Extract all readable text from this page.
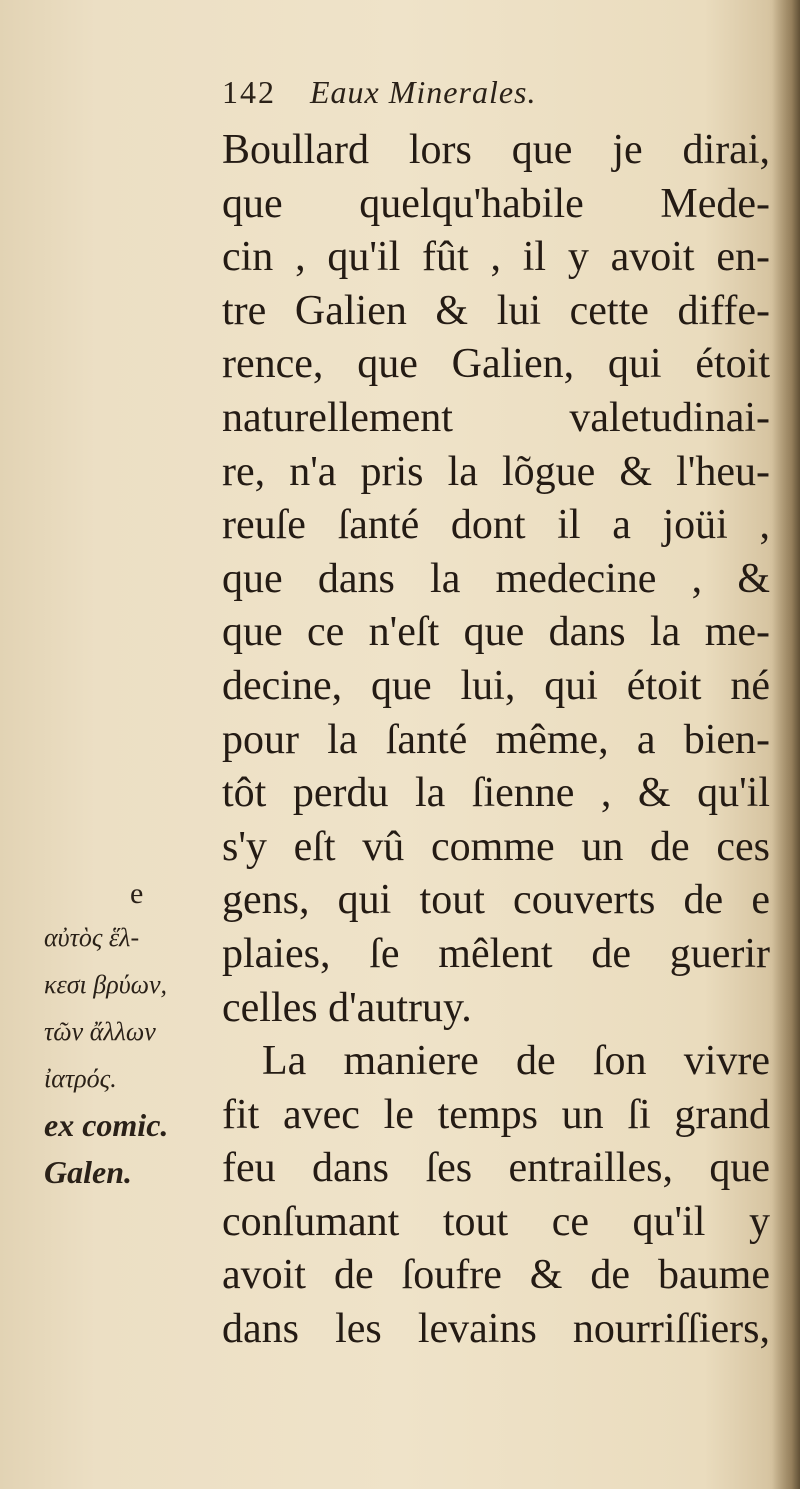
142 Eaux Minerales.
Boullard lors que je dirai,
que quelqu'habile Mede-
cin , qu'il fût , il y avoit en-
tre Galien & lui cette diffe-
rence, que Galien, qui étoit
naturellement valetudinai-
re, n'a pris la lõgue & l'heu-
reuſe ſanté dont il a joüi ,
que dans la medecine , &
que ce n'eſt que dans la me-
decine, que lui, qui étoit né
pour la ſanté même, a bien-
tôt perdu la ſienne , & qu'il
s'y eſt vû comme un de ces
gens, qui tout couverts de e
plaies, ſe mêlent de guerir
celles d'autruy.
La maniere de ſon vivre
fit avec le temps un ſi grand
feu dans ſes entrailles, que
conſumant tout ce qu'il y
avoit de ſoufre & de baume
dans les levains nourriſſiers,
e
αὐτὸς ἕλ-
κεσι βρύων,
τῶν ἄλλων
ἰατρός.
ex comic.
Galen.
